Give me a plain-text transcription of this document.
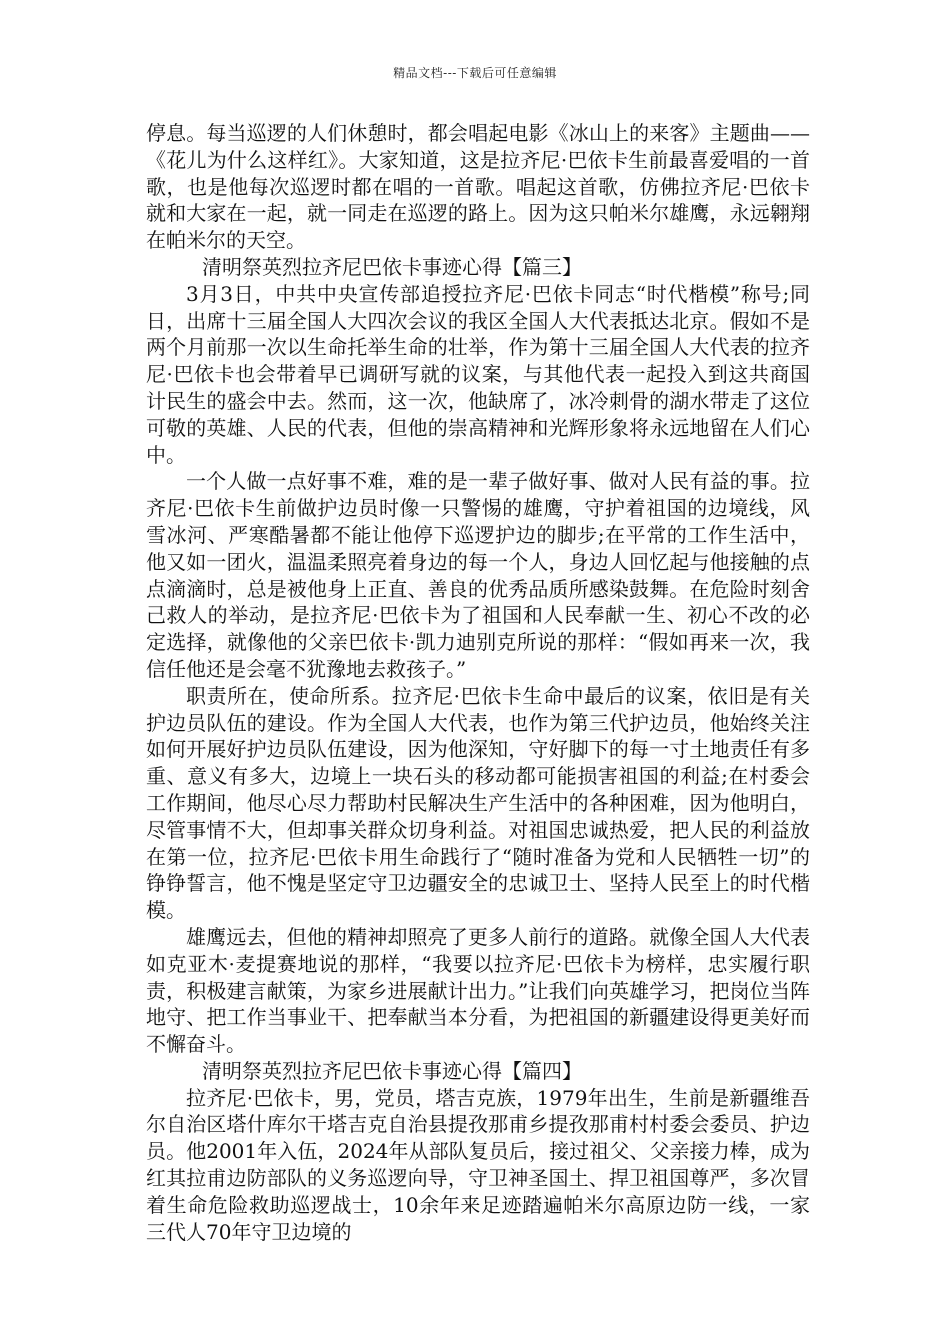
精品文档---下载后可任意编辑

停息。每当巡逻的人们休憩时，都会唱起电影《冰山上的来客》主题曲——《花儿为什么这样红》。大家知道，这是拉齐尼·巴依卡生前最喜爱唱的一首歌，也是他每次巡逻时都在唱的一首歌。唱起这首歌，仿佛拉齐尼·巴依卡就和大家在一起，就一同走在巡逻的路上。因为这只帕米尔雄鹰，永远翱翔在帕米尔的天空。

清明祭英烈拉齐尼巴依卡事迹心得【篇三】

3月3日，中共中央宣传部追授拉齐尼·巴依卡同志“时代楷模”称号;同日，出席十三届全国人大四次会议的我区全国人大代表抵达北京。假如不是两个月前那一次以生命托举生命的壮举，作为第十三届全国人大代表的拉齐尼·巴依卡也会带着早已调研写就的议案，与其他代表一起投入到这共商国计民生的盛会中去。然而，这一次，他缺席了，冰冷刺骨的湖水带走了这位可敬的英雄、人民的代表，但他的崇高精神和光辉形象将永远地留在人们心中。

一个人做一点好事不难，难的是一辈子做好事、做对人民有益的事。拉齐尼·巴依卡生前做护边员时像一只警惕的雄鹰，守护着祖国的边境线，风雪冰河、严寒酷暑都不能让他停下巡逻护边的脚步;在平常的工作生活中，他又如一团火，温温柔照亮着身边的每一个人，身边人回忆起与他接触的点点滴滴时，总是被他身上正直、善良的优秀品质所感染鼓舞。在危险时刻舍己救人的举动，是拉齐尼·巴依卡为了祖国和人民奉献一生、初心不改的必定选择，就像他的父亲巴依卡·凯力迪别克所说的那样：“假如再来一次，我信任他还是会毫不犹豫地去救孩子。”

职责所在，使命所系。拉齐尼·巴依卡生命中最后的议案，依旧是有关护边员队伍的建设。作为全国人大代表，也作为第三代护边员，他始终关注如何开展好护边员队伍建设，因为他深知，守好脚下的每一寸土地责任有多重、意义有多大，边境上一块石头的移动都可能损害祖国的利益;在村委会工作期间，他尽心尽力帮助村民解决生产生活中的各种困难，因为他明白，尽管事情不大，但却事关群众切身利益。对祖国忠诚热爱，把人民的利益放在第一位，拉齐尼·巴依卡用生命践行了“随时准备为党和人民牺牲一切”的铮铮誓言，他不愧是坚定守卫边疆安全的忠诚卫士、坚持人民至上的时代楷模。

雄鹰远去，但他的精神却照亮了更多人前行的道路。就像全国人大代表如克亚木·麦提赛地说的那样，“我要以拉齐尼·巴依卡为榜样，忠实履行职责，积极建言献策，为家乡进展献计出力。”让我们向英雄学习，把岗位当阵地守、把工作当事业干、把奉献当本分看，为把祖国的新疆建设得更美好而不懈奋斗。

清明祭英烈拉齐尼巴依卡事迹心得【篇四】

拉齐尼·巴依卡，男，党员，塔吉克族，1979年出生，生前是新疆维吾尔自治区塔什库尔干塔吉克自治县提孜那甫乡提孜那甫村村委会委员、护边员。他2001年入伍，2024年从部队复员后，接过祖父、父亲接力棒，成为红其拉甫边防部队的义务巡逻向导，守卫神圣国土、捍卫祖国尊严，多次冒着生命危险救助巡逻战士，10余年来足迹踏遍帕米尔高原边防一线，一家三代人70年守卫边境的
